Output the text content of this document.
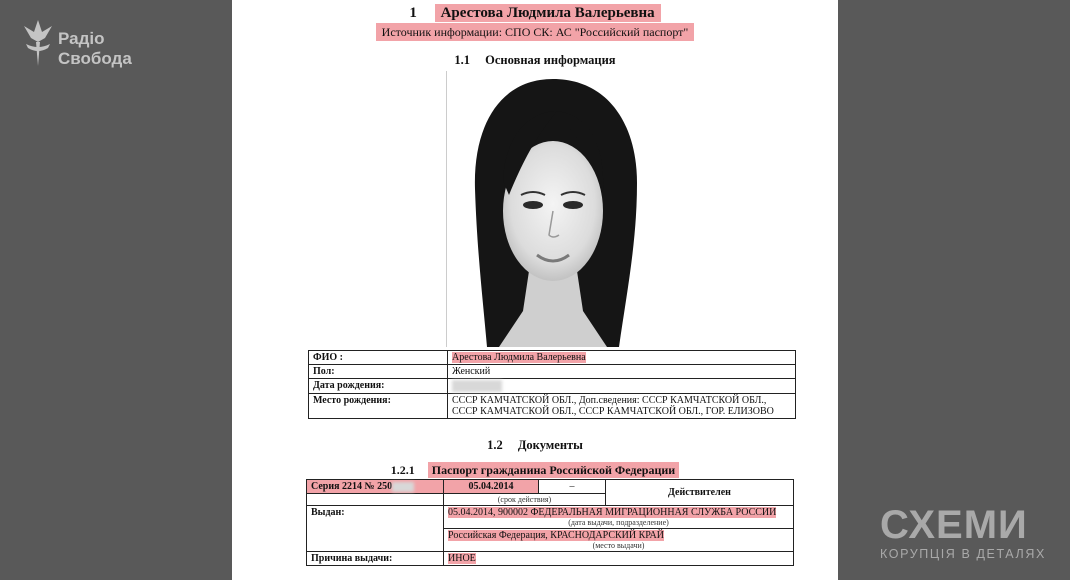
Радіо
Свобода
1 Арестова Людмила Валерьевна
Источник информации: СПО СК: АС "Российский паспорт"
1.1 Основная информация
ФИО :	Арестова Людмила Валерьевна
Пол:	Женский
Дата рождения:	
Место рождения:	СССР КАМЧАТСКОЙ ОБЛ., Доп.сведения: СССР КАМЧАТСКОЙ ОБЛ., СССР КАМЧАТСКОЙ ОБЛ., СССР КАМЧАТСКОЙ ОБЛ., ГОР. ЕЛИЗОВО
1.2 Документы
1.2.1 Паспорт гражданина Российской Федерации
Серия 2214 № 250	05.04.2014	–	Действителен
	(срок действия)		
Выдан:	05.04.2014, 900002 ФЕДЕРАЛЬНАЯ МИГРАЦИОННАЯ СЛУЖБА РОССИИ
(дата выдачи, подразделение)		

	Российская Федерация, КРАСНОДАРСКИЙ КРАЙ
(место выдачи)		

Причина выдачи:	ИНОЕ		
СХЕМИ
КОРУПЦІЯ В ДЕТАЛЯХ
